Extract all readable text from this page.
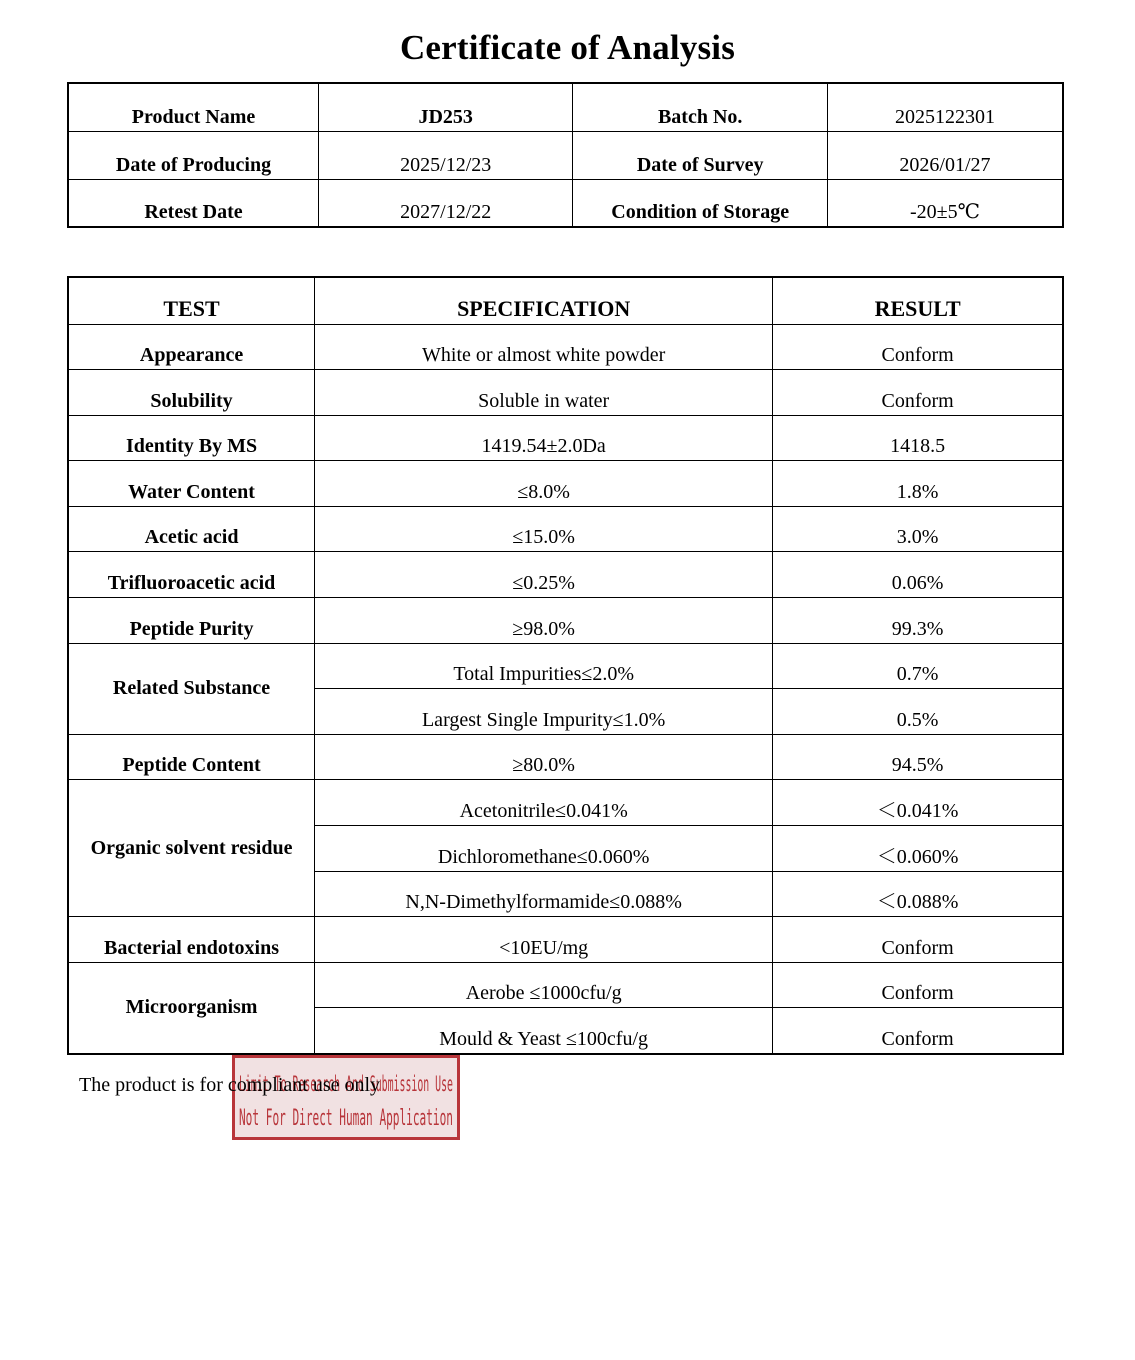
Certificate of Analysis
Product Name	JD253	Batch No.	2025122301
Date of Producing	2025/12/23	Date of Survey	2026/01/27
Retest Date	2027/12/22	Condition of Storage	-20±5℃
TEST	SPECIFICATION	RESULT
Appearance	White or almost white powder	Conform
Solubility	Soluble in water	Conform
Identity By MS	1419.54±2.0Da	1418.5
Water Content	≤8.0%	1.8%
Acetic acid	≤15.0%	3.0%
Trifluoroacetic acid	≤0.25%	0.06%
Peptide Purity	≥98.0%	99.3%
Related Substance	Total Impurities≤2.0%	0.7%
	Largest Single Impurity≤1.0%	0.5%
Peptide Content	≥80.0%	94.5%
Organic solvent residue	Acetonitrile≤0.041%	＜0.041%
	Dichloromethane≤0.060%	＜0.060%
	N,N-Dimethylformamide≤0.088%	＜0.088%
Bacterial endotoxins	<10EU/mg	Conform
Microorganism	Aerobe ≤1000cfu/g	Conform
	Mould & Yeast ≤100cfu/g	Conform
Limit To Research And Submission Use
Not For Direct Human Application
The product is for compliant use only
